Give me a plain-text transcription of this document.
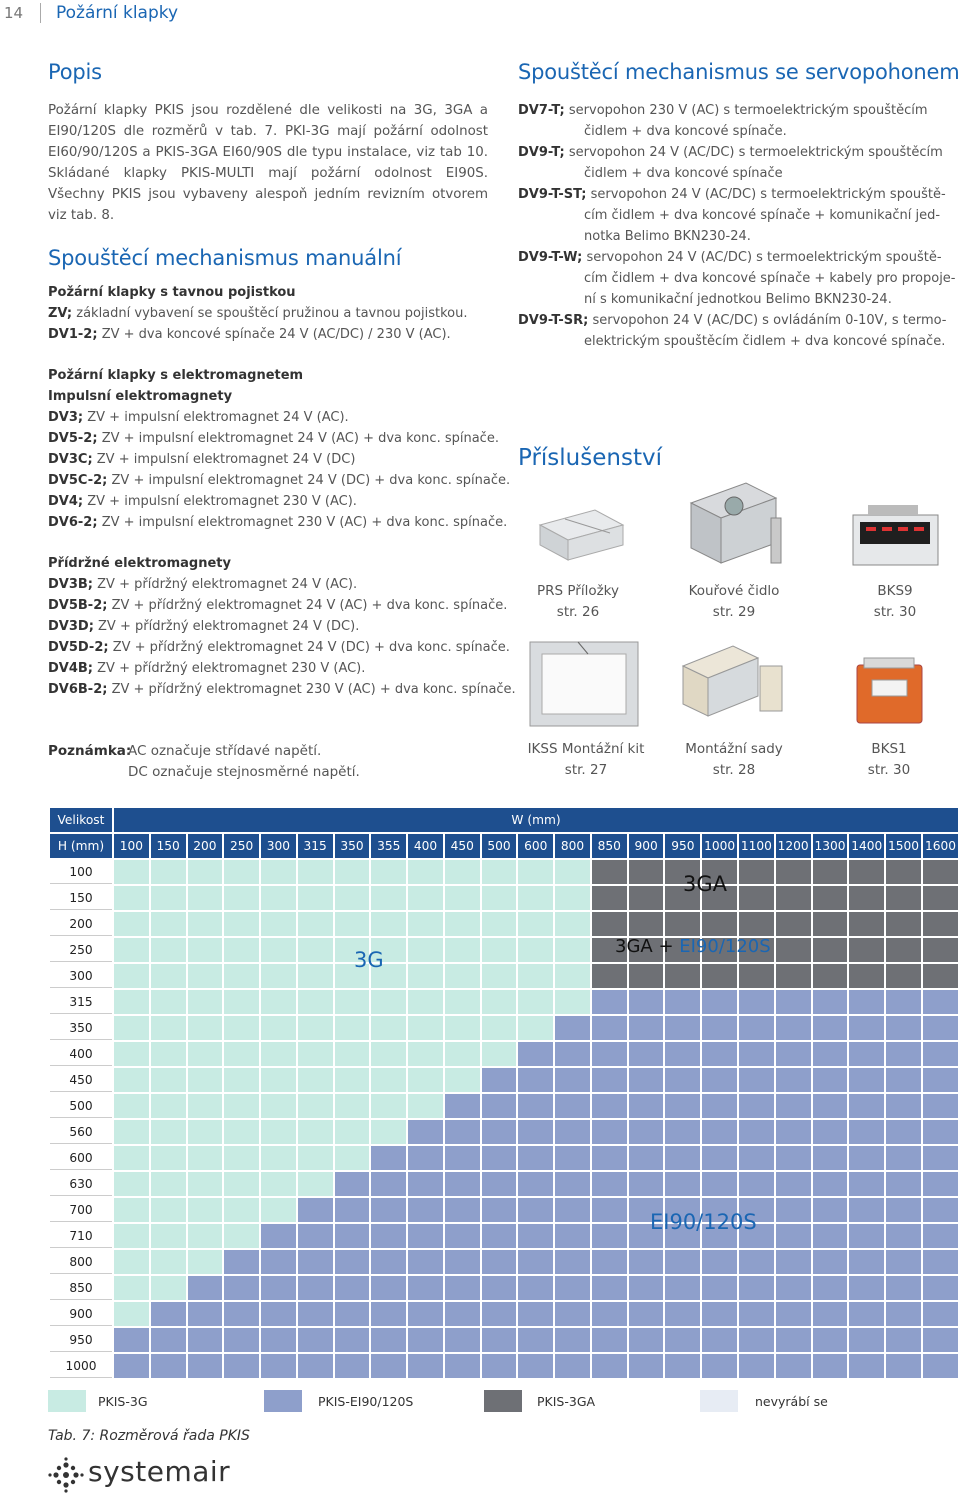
14 Požární klapky
Popis

Požární klapky PKIS jsou rozdělené dle velikosti na 3G, 3GA a EI90/120S dle rozměrů v tab. 7. PKI-3G mají požární odolnost EI60/90/120S a PKIS-3GA EI60/90S dle typu instalace, viz tab 10. Skládané klapky PKIS-MULTI mají požární odolnost EI90S. Všechny PKIS jsou vybaveny alespoň jedním revizním otvorem viz tab. 8.

Spouštěcí mechanismus manuální
Požární klapky s tavnou pojistkou
ZV; základní vybavení se spouštěcí pružinou a tavnou pojistkou.
DV1-2; ZV + dva koncové spínače 24 V (AC/DC) / 230 V (AC).
Požární klapky s elektromagnetem
Impulsní elektromagnety
DV3; ZV + impulsní elektromagnet 24 V (AC).
DV5-2; ZV + impulsní elektromagnet 24 V (AC) + dva konc. spínače.
DV3C; ZV + impulsní elektromagnet 24 V (DC)
DV5C-2; ZV + impulsní elektromagnet 24 V (DC) + dva konc. spínače.
DV4; ZV + impulsní elektromagnet 230 V (AC).
DV6-2; ZV + impulsní elektromagnet 230 V (AC) + dva konc. spínače.
Přídržné elektromagnety
DV3B; ZV + přídržný elektromagnet 24 V (AC).
DV5B-2; ZV + přídržný elektromagnet 24 V (AC) + dva konc. spínače.
DV3D; ZV + přídržný elektromagnet 24 V (DC).
DV5D-2; ZV + přídržný elektromagnet 24 V (DC) + dva konc. spínače.
DV4B; ZV + přídržný elektromagnet 230 V (AC).
DV6B-2; ZV + přídržný elektromagnet 230 V (AC) + dva konc. spínače.
Poznámka:AC označuje střídavé napětí.
DC označuje stejnosměrné napětí.
Spouštěcí mechanismus se servopohonem
DV7-T; servopohon 230 V (AC) s termoelektrickým spouštěcím
čidlem + dva koncové spínače.
DV9-T; servopohon 24 V (AC/DC) s termoelektrickým spouštěcím
čidlem + dva koncové spínače
DV9-T-ST; servopohon 24 V (AC/DC) s termoelektrickým spouště-
cím čidlem + dva koncové spínače + komunikační jed-
notka Belimo BKN230-24.
DV9-T-W; servopohon 24 V (AC/DC) s termoelektrickým spouště-
cím čidlem + dva koncové spínače + kabely pro propoje-
ní s komunikační jednotkou Belimo BKN230-24.
DV9-T-SR; servopohon 24 V (AC/DC) s ovládáním 0-10V, s termo-
elektrickým spouštěcím čidlem + dva koncové spínače.
Příslušenství
PRS Příložky
str. 26
Kouřové čidlo
str. 29
BKS9
str. 30
IKSS Montážní kit
str. 27
Montážní sady
str. 28
BKS1
str. 30
Velikost	W (mm)																						
H (mm)	100	150	200	250	300	315	350	355	400	450	500	600	800	850	900	950	1000	1100	1200	1300	1400	1500	1600
100																							
150																							
200																							
250																							
300																							
315																							
350																							
400																							
450																							
500																							
560																							
600																							
630																							
700																							
710																							
800																							
850																							
900																							
950																							
1000																							
3G
3GA
3GA + EI90/120S
EI90/120S
PKIS-3G	PKIS-EI90/120S	PKIS-3GA	nevyrábí se
Tab. 7: Rozměrová řada PKIS
systemair
